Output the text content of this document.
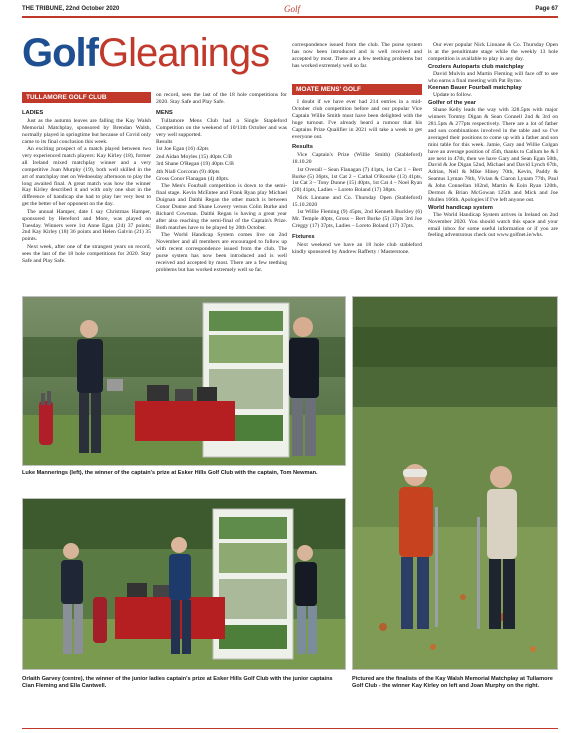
THE TRIBUNE, 22nd October 2020	Golf	Page 67
GolfGleanings
TULLAMORE GOLF CLUB
LADIES

Just as the autumn leaves are falling the Kay Walsh Memorial Matchplay, sponsored by Brendan Walsh, normally played in springtime but because of Covid only came to its final conclusion this week.

An exciting prospect of a match played between two very experienced match players: Kay Kirley (18), former all Ireland mixed matchplay winner and a very competitive Joan Murphy (19), both well skilled in the art of matchplay met on Wednesday afternoon to play the long awaited final. A great match was how the winner Kay Kirley described it and with only one shot in the difference of handicap she had to play her very best to get the better of her opponent on the day.

The annual Hamper, date I say Christmas Hamper, sponsored by Hereford and More, was played on Tuesday. Winners were 1st Anne Egan (24) 37 points; 2nd Kay Kirley (18) 36 points and Helen Galvin (21) 35 points.

Next week, after one of the strangest years on record, sees the last of the 18 hole competitions for 2020. Stay Safe and Play Safe.

on record, sees the last of the 18 hole competitions for 2020. Stay Safe and Play Safe.

MENS

Tullamore Mens Club had a Single Stapleford Competition on the weekend of 10/11th October and was very well supported.

Results

1st Joe Egan (16) 42pts

2nd Aidan Moyles (15) 40pts C/B

3rd Shane O'Regan (19) 40pts C/B

4th Niall Corcoran (9) 40pts

Gross Conor Flanagan (4) 40pts.

The Men's Fourball competition is down to the semi-final stage. Kevin McEntee and Frank Ryan play Michael Duignan and Daithi Regan the other match is between Conor Dunne and Shane Lowery versus Colin Burke and Richard Cowman. Daithi Regan is having a great year after also reaching the semi-final of the Captain's Prize. Both matches have to be played by 20th October.

The World Handicap System comes live on 2nd November and all members are encouraged to follow up with recent correspondence issued from the club. The purse system has now been introduced and is well received and accepted by most. There are a few teething problems but has worked extremely well so far.

correspondence issued from the club. The purse system has now been introduced and is well received and accepted by most. There are a few teething problems but has worked extremely well so far.

MOATE MENS' GOLF

I doubt if we have ever had 214 entries in a mid-October club competition before and our popular Vice Captain Willie Smith must have been delighted with the huge turnout. I've already heard a rumour that his Captains Prize Qualifier in 2021 will take a week to get everyone out.

Results

Vice Captain's Prize (Willie Smith) (Stableford) 18.10.20

1st Overall – Sean Flanagan (7) 41pts, 1st Cat 1 – Bert Burke (5) 36pts, 1st Cat 2 – Cathal O'Rourke (13) 41pts, 1st Cat 3 – Tony Dunne (15) 40pts, 1st Cat 4 – Noel Ryan (20) 41pts, Ladies – Loreto Boland (17) 38pts.

Nick Linnane and Co. Thursday Open (Stableford) 15.10.2020

1st Willie Fleming (9) 45pts, 2nd Kenneth Buckley (6) Mr. Temple 40pts, Gross – Bert Burke (5) 33pts 3rd Joe Creggy (17) 37pts, Ladies – Loreto Boland (17) 37pts.

Fixtures

Next weekend we have an 18 hole club stableford kindly sponsored by Andrew Rafferty / Masterstone.

Our ever popular Nick Linnane & Co. Thursday Open is at the penultimate stage while the weekly 13 hole competition is available to play in any day.

Croziers Autoparts club matchplay

David Mulvin and Martin Fleming will face off to see who earns a final meeting with Pat Byrne.

Keenan Bauer Fourball matchplay

Update to follow.

Golfer of the year

Shane Kelly leads the way with 328.5pts with major winners Tommy Digan & Sean Connell 2nd & 3rd on 281.5pts & 277pts respectively. There are a lot of father and son combinations involved in the table and so I've averaged their positions to come up with a father and son mini table for this week. Jamie, Gary and Willie Colgan have an average position of 45th, thanks to Callum he & I are next in 47th, then we have Gary and Sean Egan 50th, David & Joe Digan 52nd, Michael and David Lynch 67th, Adrian, Neil & Mike Hiney 70th, Kevin, Paddy & Seamus Lyman 76th, Vivian & Ciaron Lynam 77th, Paul & John Connellan 102nd, Martin & Eoin Ryan 120th, Dermot & Brian McGowan 125th and Mick and Joe Mullen 166th. Apologies if I've left anyone out.

World handicap system

The World Handicap System arrives in Ireland on 2nd November 2020. You should watch this space and your email inbox for some useful information or if you are feeling adventurous check out www.golfnet.ie/whs.

Luke Mannerings (left), the winner of the captain's prize at Esker Hills Golf Club with the captain, Tom Newman.
Orlaith Garvey (centre), the winner of the junior ladies captain's prize at Esker Hills Golf Club with the junior captains Cian Fleming and Ella Cantwell.
Pictured are the finalists of the Kay Walsh Memorial Matchplay at Tullamore Golf Club - the winner Kay Kirley on left and Joan Murphy on the right.
